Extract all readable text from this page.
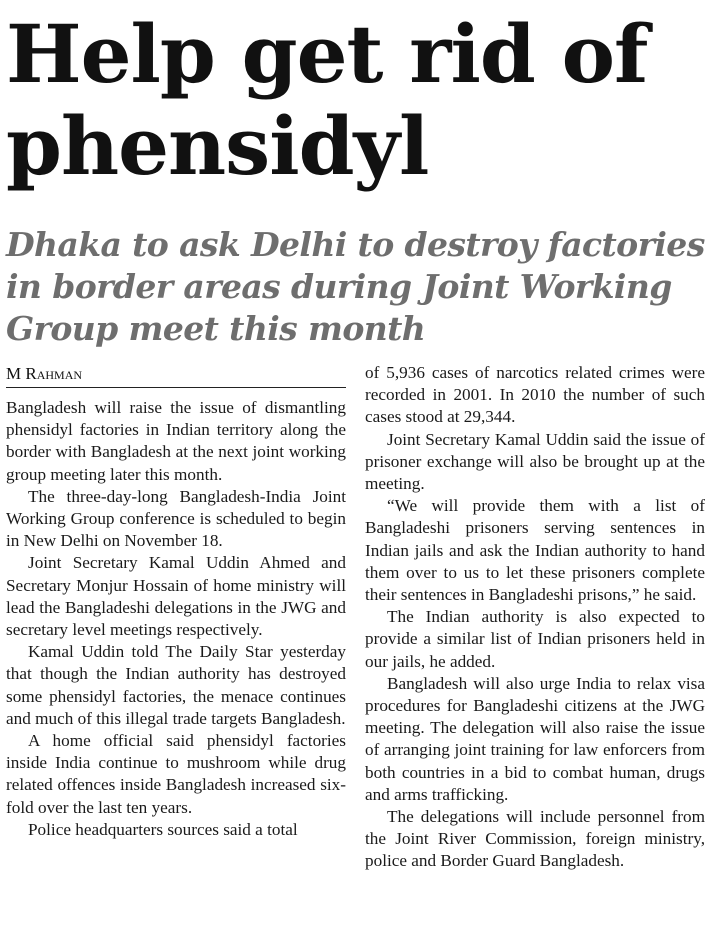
Help get rid of phensidyl
Dhaka to ask Delhi to destroy factories in border areas during Joint Working Group meet this month
M Rahman

Bangladesh will raise the issue of dismantling phensidyl factories in Indian territory along the border with Bangladesh at the next joint working group meeting later this month.

The three-day-long Bangladesh-India Joint Working Group conference is scheduled to begin in New Delhi on November 18.

Joint Secretary Kamal Uddin Ahmed and Secretary Monjur Hossain of home ministry will lead the Bangladeshi delegations in the JWG and secretary level meetings respectively.

Kamal Uddin told The Daily Star yesterday that though the Indian authority has destroyed some phensidyl factories, the menace continues and much of this illegal trade targets Bangladesh.

A home official said phensidyl factories inside India continue to mushroom while drug related offences inside Bangladesh increased six-fold over the last ten years.

Police headquarters sources said a total

of 5,936 cases of narcotics related crimes were recorded in 2001. In 2010 the number of such cases stood at 29,344.

Joint Secretary Kamal Uddin said the issue of prisoner exchange will also be brought up at the meeting.

“We will provide them with a list of Bangladeshi prisoners serving sentences in Indian jails and ask the Indian authority to hand them over to us to let these prisoners complete their sentences in Bangladeshi prisons,” he said.

The Indian authority is also expected to provide a similar list of Indian prisoners held in our jails, he added.

Bangladesh will also urge India to relax visa procedures for Bangladeshi citizens at the JWG meeting. The delegation will also raise the issue of arranging joint training for law enforcers from both countries in a bid to combat human, drugs and arms trafficking.

The delegations will include personnel from the Joint River Commission, foreign ministry, police and Border Guard Bangladesh.
